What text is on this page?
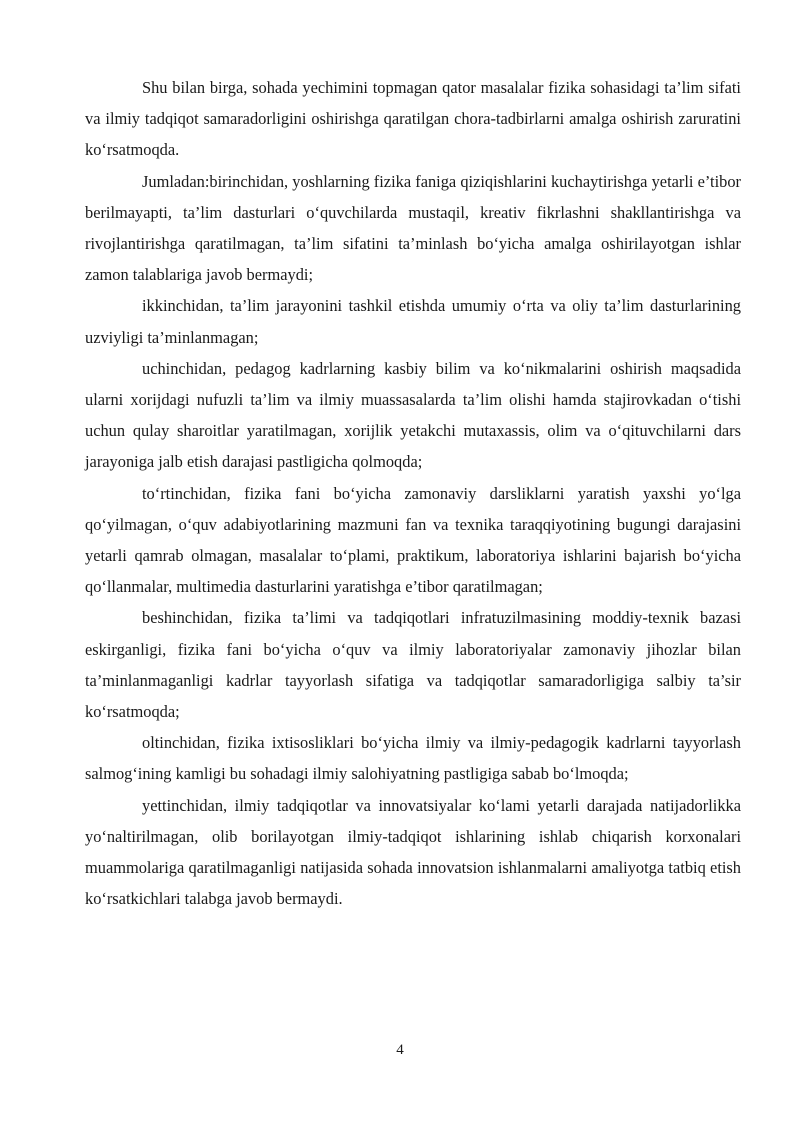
Shu bilan birga, sohada yechimini topmagan qator masalalar fizika sohasidagi ta’lim sifati va ilmiy tadqiqot samaradorligini oshirishga qaratilgan chora-tadbirlarni amalga oshirish zaruratini ko‘rsatmoqda.

Jumladan:birinchidan, yoshlarning fizika faniga qiziqishlarini kuchaytirishga yetarli e’tibor berilmayapti, ta’lim dasturlari o‘quvchilarda mustaqil, kreativ fikrlashni shakllantirishga va rivojlantirishga qaratilmagan, ta’lim sifatini ta’minlash bo‘yicha amalga oshirilayotgan ishlar zamon talablariga javob bermaydi;

ikkinchidan, ta’lim jarayonini tashkil etishda umumiy o‘rta va oliy ta’lim dasturlarining uzviyligi ta’minlanmagan;

uchinchidan, pedagog kadrlarning kasbiy bilim va ko‘nikmalarini oshirish maqsadida ularni xorijdagi nufuzli ta’lim va ilmiy muassasalarda ta’lim olishi hamda stajirovkadan o‘tishi uchun qulay sharoitlar yaratilmagan, xorijlik yetakchi mutaxassis, olim va o‘qituvchilarni dars jarayoniga jalb etish darajasi pastligicha qolmoqda;

to‘rtinchidan, fizika fani bo‘yicha zamonaviy darsliklarni yaratish yaxshi yo‘lga qo‘yilmagan, o‘quv adabiyotlarining mazmuni fan va texnika taraqqiyotining bugungi darajasini yetarli qamrab olmagan, masalalar to‘plami, praktikum, laboratoriya ishlarini bajarish bo‘yicha qo‘llanmalar, multimedia dasturlarini yaratishga e’tibor qaratilmagan;

beshinchidan, fizika ta’limi va tadqiqotlari infratuzilmasining moddiy-texnik bazasi eskirganligi, fizika fani bo‘yicha o‘quv va ilmiy laboratoriyalar zamonaviy jihozlar bilan ta’minlanmaganligi kadrlar tayyorlash sifatiga va tadqiqotlar samaradorligiga salbiy ta’sir ko‘rsatmoqda;

oltinchidan, fizika ixtisosliklari bo‘yicha ilmiy va ilmiy-pedagogik kadrlarni tayyorlash salmog‘ining kamligi bu sohadagi ilmiy salohiyatning pastligiga sabab bo‘lmoqda;

yettinchidan, ilmiy tadqiqotlar va innovatsiyalar ko‘lami yetarli darajada natijadorlikka yo‘naltirilmagan, olib borilayotgan ilmiy-tadqiqot ishlarining ishlab chiqarish korxonalari muammolariga qaratilmaganligi natijasida sohada innovatsion ishlanmalarni amaliyotga tatbiq etish ko‘rsatkichlari talabga javob bermaydi.

4
